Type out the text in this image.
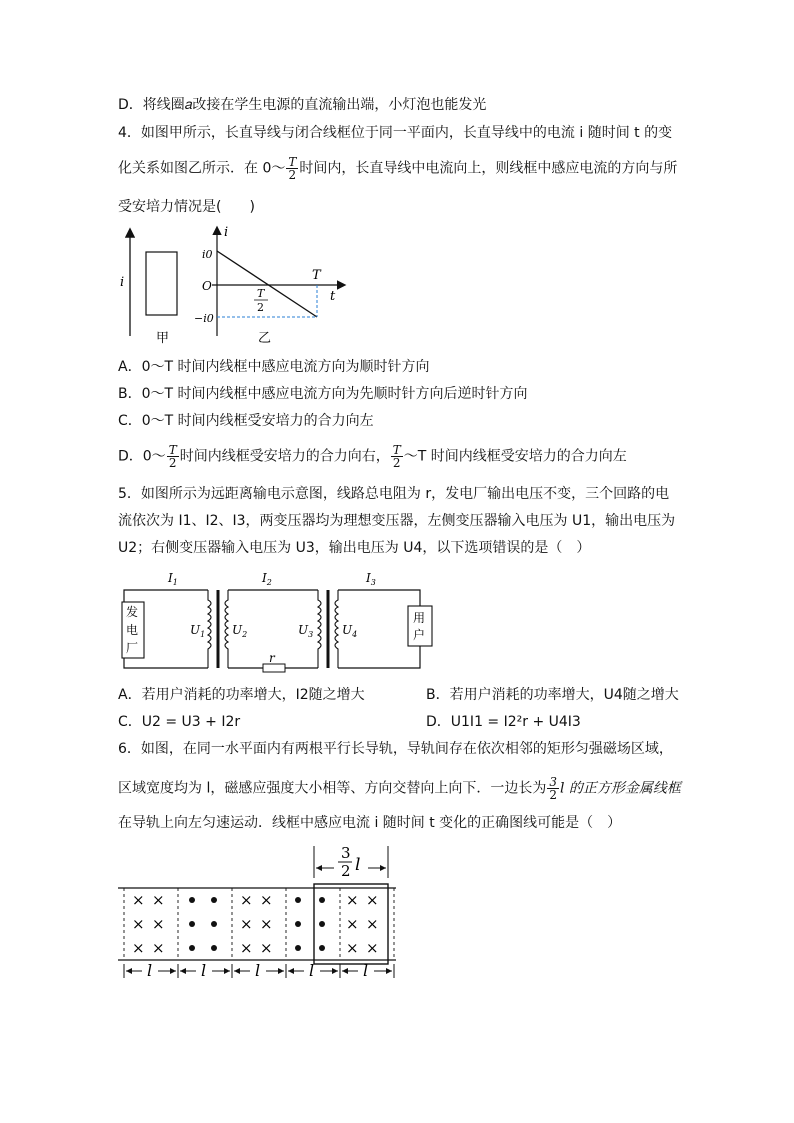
D．将线圈𝑎改接在学生电源的直流输出端，小灯泡也能发光
4．如图甲所示，长直导线与闭合线框位于同一平面内，长直导线中的电流 i 随时间 t 的变
化关系如图乙所示．在 0～ $\frac{T}{2}$ 时间内，长直导线中电流向上，则线框中感应电流的方向与所
受安培力情况是(　　)
i
甲
i
t
i0
O
−i0
T
T
2
乙
A．0～T 时间内线框中感应电流方向为顺时针方向
B．0～T 时间内线框中感应电流方向为先顺时针方向后逆时针方向
C．0～T 时间内线框受安培力的合力向左
D．0～ $\frac{T}{2}$ 时间内线框受安培力的合力向右， $\frac{T}{2}$ ～T 时间内线框受安培力的合力向左
5．如图所示为远距离输电示意图，线路总电阻为 r，发电厂输出电压不变，三个回路的电
流依次为 I1、I2、I3，两变压器均为理想变压器，左侧变压器输入电压为 U1，输出电压为
U2；右侧变压器输入电压为 U3，输出电压为 U4，以下选项错误的是（　）
发
电
厂
$I_1$
$U_1$ $U_2$
r
$I_2$
$U_3$ $U_4$
用
户
$I_3$
A．若用户消耗的功率增大，I2随之增大	B．若用户消耗的功率增大，U4随之增大
C．U2 = U3 + I2r	D．U1I1 = I2²r + U4I3
6．如图，在同一水平面内有两根平行长导轨，导轨间存在依次相邻的矩形匀强磁场区域，
区域宽度均为 l，磁感应强度大小相等、方向交替向上向下．一边长为 $\frac{3}{2}$ l 的正方形金属线框
在导轨上向左匀速运动．线框中感应电流 i 随时间 t 变化的正确图线可能是（　）
× ×
× ×
× ×
× ×
× ×
× ×
× ×
× ×
× ×
3
2 l
l	l	l	l	l
